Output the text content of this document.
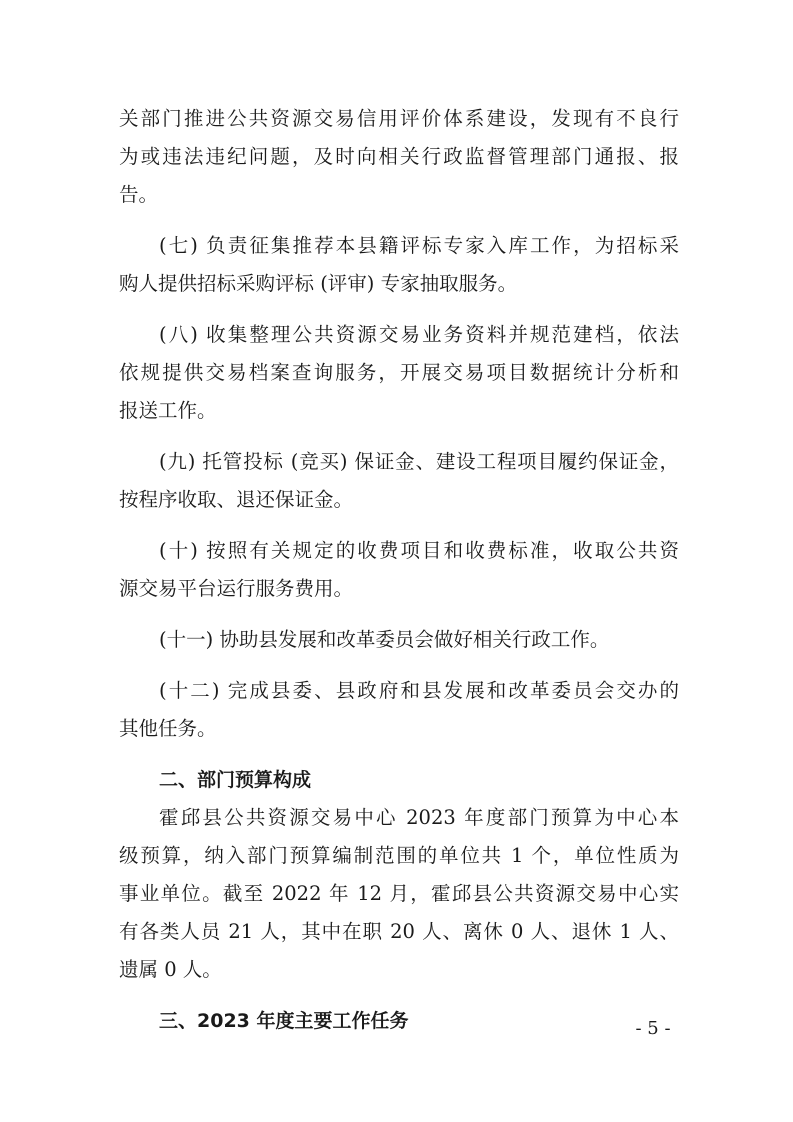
关部门推进公共资源交易信用评价体系建设，发现有不良行
为或违法违纪问题，及时向相关行政监督管理部门通报、报
告。
(七) 负责征集推荐本县籍评标专家入库工作，为招标采
购人提供招标采购评标 (评审) 专家抽取服务。
(八) 收集整理公共资源交易业务资料并规范建档，依法
依规提供交易档案查询服务，开展交易项目数据统计分析和
报送工作。
(九) 托管投标 (竞买) 保证金、建设工程项目履约保证金，
按程序收取、退还保证金。
(十) 按照有关规定的收费项目和收费标准，收取公共资
源交易平台运行服务费用。
(十一) 协助县发展和改革委员会做好相关行政工作。
(十二) 完成县委、县政府和县发展和改革委员会交办的
其他任务。
二、部门预算构成
霍邱县公共资源交易中心 2023 年度部门预算为中心本
级预算，纳入部门预算编制范围的单位共 1 个，单位性质为
事业单位。截至 2022 年 12 月，霍邱县公共资源交易中心实
有各类人员 21 人，其中在职 20 人、离休 0 人、退休 1 人、
遗属 0 人。
三、2023 年度主要工作任务	- 5 -
